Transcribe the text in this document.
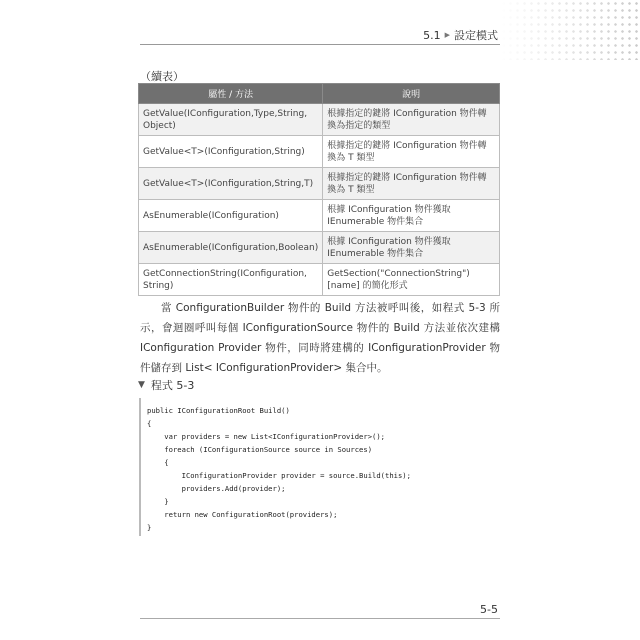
5.1 ▶ 設定模式
（續表）
屬性 / 方法	說明
GetValue(IConfiguration,Type,String, Object)	根據指定的鍵將 IConfiguration 物件轉換為指定的類型
GetValue<T>(IConfiguration,String)	根據指定的鍵將 IConfiguration 物件轉換為 T 類型
GetValue<T>(IConfiguration,String,T)	根據指定的鍵將 IConfiguration 物件轉換為 T 類型
AsEnumerable(IConfiguration)	根據 IConfiguration 物件獲取 IEnumerable 物件集合
AsEnumerable(IConfiguration,Boolean)	根據 IConfiguration 物件獲取 IEnumerable 物件集合
GetConnectionString(IConfiguration, String)	GetSection("ConnectionString")[name] 的簡化形式

當 ConfigurationBuilder 物件的 Build 方法被呼叫後，如程式 5-3 所示，會迴圈呼叫每個 IConfigurationSource 物件的 Build 方法並依次建構 IConfiguration Provider 物件，同時將建構的 IConfigurationProvider 物件儲存到 List< IConfigurationProvider> 集合中。

▼ 程式 5-3
public IConfigurationRoot Build()
{
var providers = new List<IConfigurationProvider>();
foreach (IConfigurationSource source in Sources)
{
IConfigurationProvider provider = source.Build(this);
providers.Add(provider);
}
return new ConfigurationRoot(providers);
}
5-5
